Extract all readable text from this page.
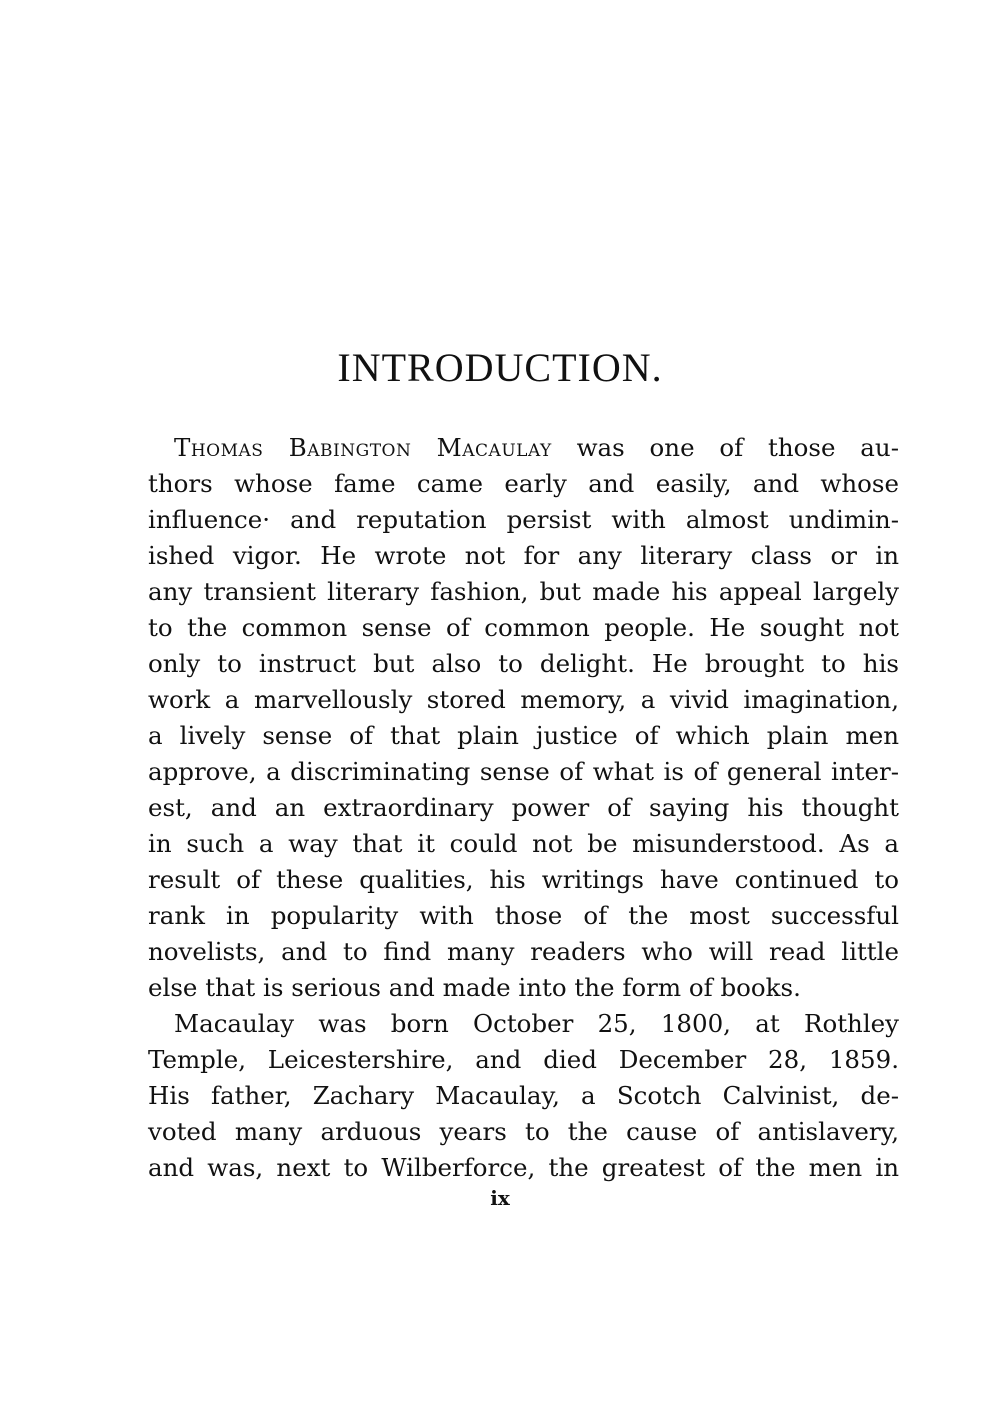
INTRODUCTION.
Thomas Babington Macaulay was one of those au-
thors whose fame came early and easily, and whose
influence· and reputation persist with almost undimin-
ished vigor. He wrote not for any literary class or in
any transient literary fashion, but made his appeal largely
to the common sense of common people. He sought not
only to instruct but also to delight. He brought to his
work a marvellously stored memory, a vivid imagination,
a lively sense of that plain justice of which plain men
approve, a discriminating sense of what is of general inter-
est, and an extraordinary power of saying his thought
in such a way that it could not be misunderstood. As a
result of these qualities, his writings have continued to
rank in popularity with those of the most successful
novelists, and to find many readers who will read little
else that is serious and made into the form of books.
Macaulay was born October 25, 1800, at Rothley
Temple, Leicestershire, and died December 28, 1859.
His father, Zachary Macaulay, a Scotch Calvinist, de-
voted many arduous years to the cause of antislavery,
and was, next to Wilberforce, the greatest of the men in
ix
